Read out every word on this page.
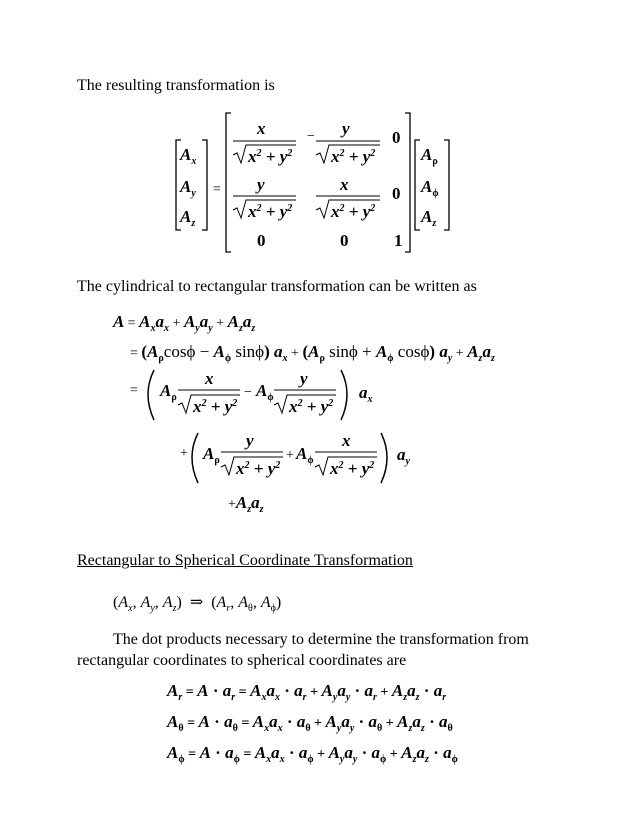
The resulting transformation is
The cylindrical to rectangular transformation can be written as
Rectangular to Spherical Coordinate Transformation
The dot products necessary to determine the transformation from
rectangular coordinates to spherical coordinates are
($A_x$, $A_y$, $A_z$)  ⇒  ($A_r$, $A_\theta$, $A_\phi$)
$A_x$
$A_y$
$A_z$
=
x
$x^2 + y^2$
− y
$x^2 + y^2$
0
y
$x^2 + y^2$
x
$x^2 + y^2$
0
0	0	1
$A_\rho$
$A_\phi$
$A_z$
$A = A_xa_x$ + $A_ya_y$ + $A_za_z$
= ($A_\rho\cos\phi - A_\phi$ sinϕ) $a_x$ + ($A_\rho$ $\sin\phi + A_\phi$ cosϕ) $a_y$ + $A_za_z$
= $A_\rho$
x
$x^2 + y^2$
− $A_\phi$
y
$x^2 + y^2$
$a_x$
+ $A_\rho$
y
$x^2 + y^2$
+ $A_\phi$
x
$x^2 + y^2$
$a_y$
$+A_za_z$
$A_r$ = $A \cdot a_r$ = $A_xa_x \cdot a_r$ + $A_ya_y \cdot a_r$ + $A_za_z \cdot a_r$
$A_\theta$ = $A \cdot a_\theta$ = $A_xa_x \cdot a_\theta$ + $A_ya_y \cdot a_\theta$ + $A_za_z \cdot a_\theta$
$A_\phi$ = $A \cdot a_\phi$ = $A_xa_x \cdot a_\phi$ + $A_ya_y \cdot a_\phi$ + $A_za_z \cdot a_\phi$
